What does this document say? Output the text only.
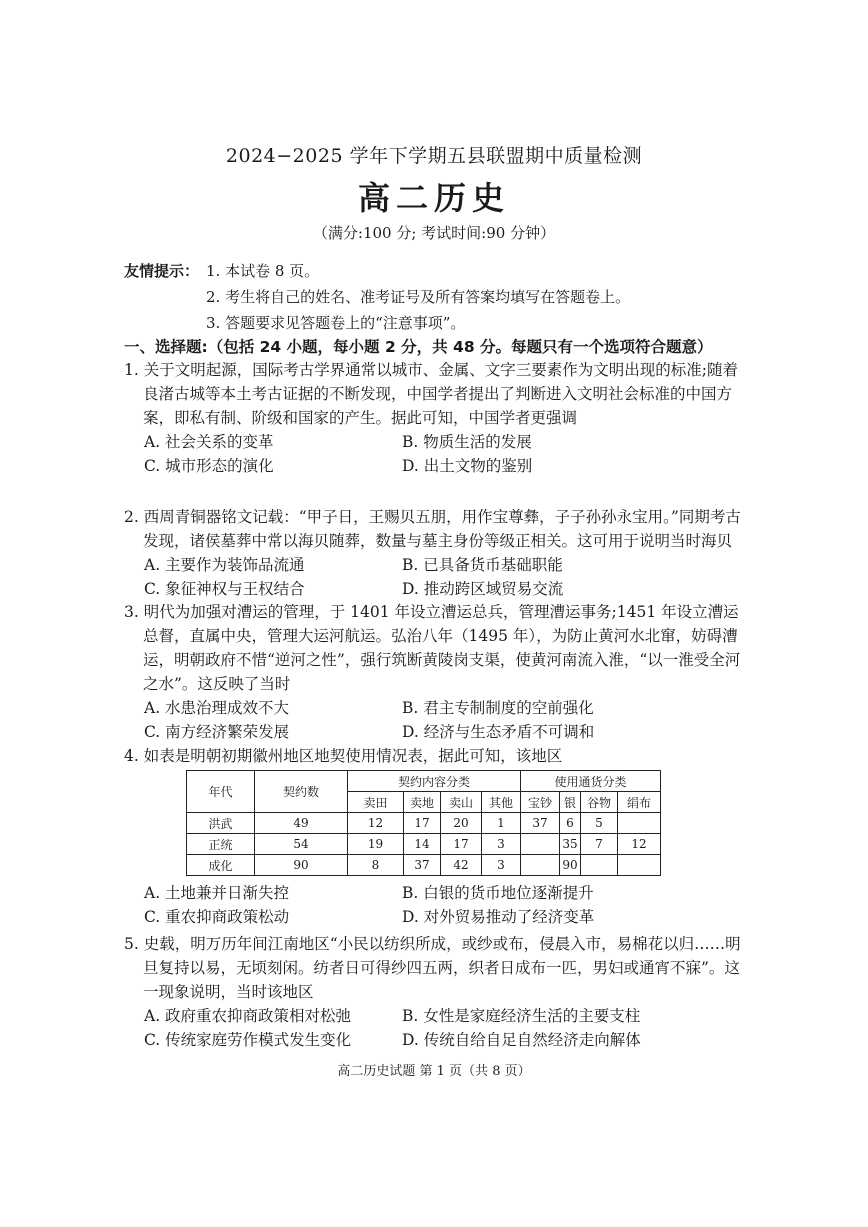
2024−2025 学年下学期五县联盟期中质量检测
高二历史
（满分:100 分; 考试时间:90 分钟）
友情提示： 1. 本试卷 8 页。
2. 考生将自己的姓名、准考证号及所有答案均填写在答题卷上。
3. 答题要求见答题卷上的“注意事项”。
一、选择题:（包括 24 小题，每小题 2 分，共 48 分。每题只有一个选项符合题意）
1. 关于文明起源，国际考古学界通常以城市、金属、文字三要素作为文明出现的标准;随着良渚古城等本土考古证据的不断发现，中国学者提出了判断进入文明社会标准的中国方案，即私有制、阶级和国家的产生。据此可知，中国学者更强调
A. 社会关系的变革	B. 物质生活的发展
C. 城市形态的演化	D. 出土文物的鉴别
2. 西周青铜器铭文记载：“甲子日，王赐贝五朋，用作宝尊彝，子子孙孙永宝用。”同期考古发现，诸侯墓葬中常以海贝随葬，数量与墓主身份等级正相关。这可用于说明当时海贝
A. 主要作为装饰品流通	B. 已具备货币基础职能
C. 象征神权与王权结合	D. 推动跨区域贸易交流
3. 明代为加强对漕运的管理，于 1401 年设立漕运总兵，管理漕运事务;1451 年设立漕运总督，直属中央，管理大运河航运。弘治八年（1495 年），为防止黄河水北窜，妨碍漕运，明朝政府不惜“逆河之性”，强行筑断黄陵岗支渠，使黄河南流入淮，“以一淮受全河之水”。这反映了当时
A. 水患治理成效不大	B. 君主专制制度的空前强化
C. 南方经济繁荣发展	D. 经济与生态矛盾不可调和
4. 如表是明朝初期徽州地区地契使用情况表，据此可知，该地区
年代	契约数	契约内容分类				使用通货分类			
		卖田	卖地	卖山	其他	宝钞	银	谷物	绢布
洪武	49	12	17	20	1	37	6	5	
正统	54	19	14	17	3		35	7	12
成化	90	8	37	42	3		90		
A. 土地兼并日渐失控	B. 白银的货币地位逐渐提升
C. 重农抑商政策松动	D. 对外贸易推动了经济变革
5. 史载，明万历年间江南地区“小民以纺织所成，或纱或布，侵晨入市，易棉花以归……明旦复持以易，无顷刻闲。纺者日可得纱四五两，织者日成布一匹，男妇或通宵不寐”。这一现象说明，当时该地区
A. 政府重农抑商政策相对松弛	B. 女性是家庭经济生活的主要支柱
C. 传统家庭劳作模式发生变化	D. 传统自给自足自然经济走向解体
高二历史试题 第 1 页（共 8 页）
